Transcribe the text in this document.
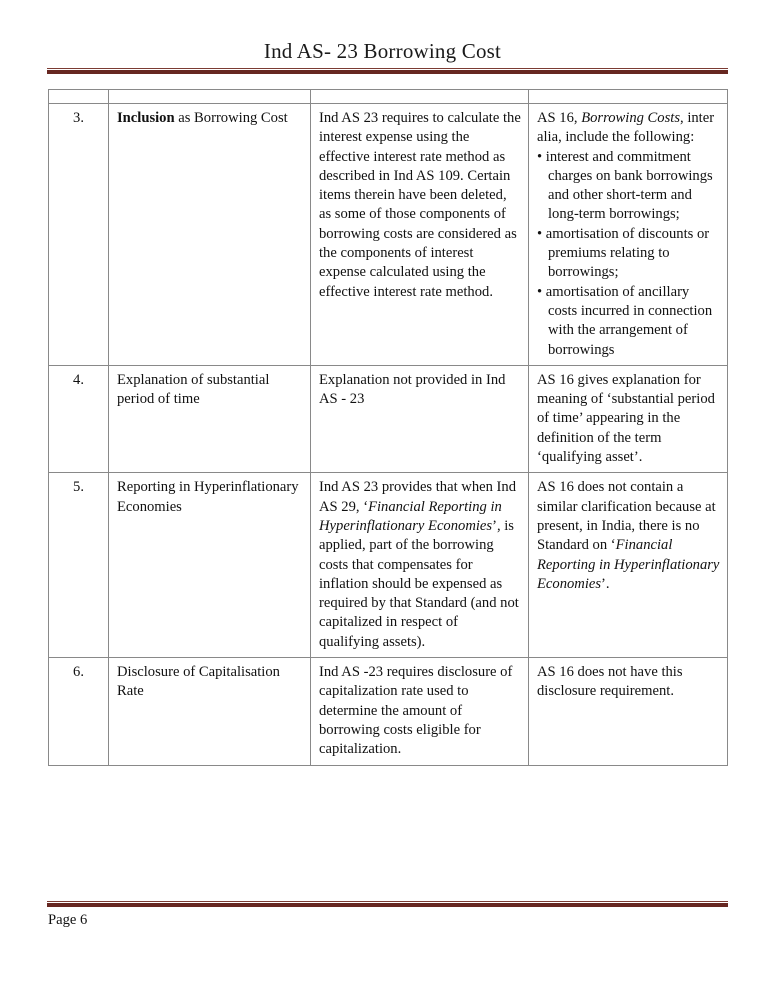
Ind AS- 23 Borrowing Cost

3.	Inclusion as Borrowing Cost	Ind AS 23 requires to calculate the interest expense using the effective interest rate method as described in Ind AS 109. Certain items therein have been deleted, as some of those components of borrowing costs are considered as the components of interest expense calculated using the effective interest rate method.	AS 16, Borrowing Costs, inter alia, include the following:
• interest and commitment charges on bank borrowings and other short-term and long-term borrowings;
• amortisation of discounts or premiums relating to borrowings;
• amortisation of ancillary costs incurred in connection with the arrangement of borrowings

4.	Explanation of substantial period of time	Explanation not provided in Ind AS - 23	AS 16 gives explanation for meaning of ‘substantial period of time’ appearing in the definition of the term ‘qualifying asset’.
5.	Reporting in Hyperinflationary Economies	Ind AS 23 provides that when Ind AS 29, ‘Financial Reporting in Hyperinflationary Economies’, is applied, part of the borrowing costs that compensates for inflation should be expensed as required by that Standard (and not capitalized in respect of qualifying assets).	AS 16 does not contain a similar clarification because at present, in India, there is no Standard on ‘Financial Reporting in Hyperinflationary Economies’.
6.	Disclosure of Capitalisation Rate	Ind AS -23 requires disclosure of capitalization rate used to determine the amount of borrowing costs eligible for capitalization.	AS 16 does not have this disclosure requirement.
Page 6
